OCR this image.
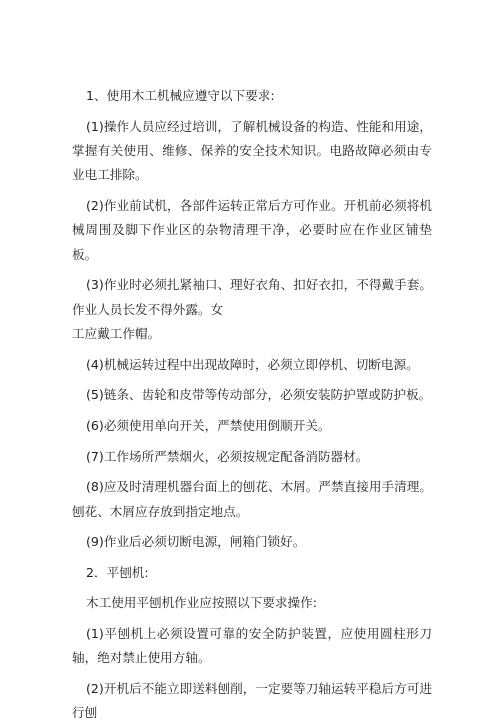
1、使用木工机械应遵守以下要求:

(1)操作人员应经过培训，了解机械设备的构造、性能和用途，掌握有关使用、维修、保养的安全技术知识。电路故障必须由专业电工排除。

(2)作业前试机，各部件运转正常后方可作业。开机前必须将机械周围及脚下作业区的杂物清理干净，必要时应在作业区铺垫板。

(3)作业时必须扎紧袖口、理好衣角、扣好衣扣，不得戴手套。作业人员长发不得外露。女

工应戴工作帽。

(4)机械运转过程中出现故障时，必须立即停机、切断电源。

(5)链条、齿轮和皮带等传动部分，必须安装防护罩或防护板。

(6)必须使用单向开关，严禁使用倒顺开关。

(7)工作场所严禁烟火，必须按规定配备消防器材。

(8)应及时清理机器台面上的刨花、木屑。严禁直接用手清理。刨花、木屑应存放到指定地点。

(9)作业后必须切断电源，闸箱门锁好。

2．平刨机:

木工使用平刨机作业应按照以下要求操作:

(1)平刨机上必须设置可靠的安全防护装置，应使用圆柱形刀轴，绝对禁止使用方轴。

(2)开机后不能立即送料刨削，一定要等刀轴运转平稳后方可进行刨
